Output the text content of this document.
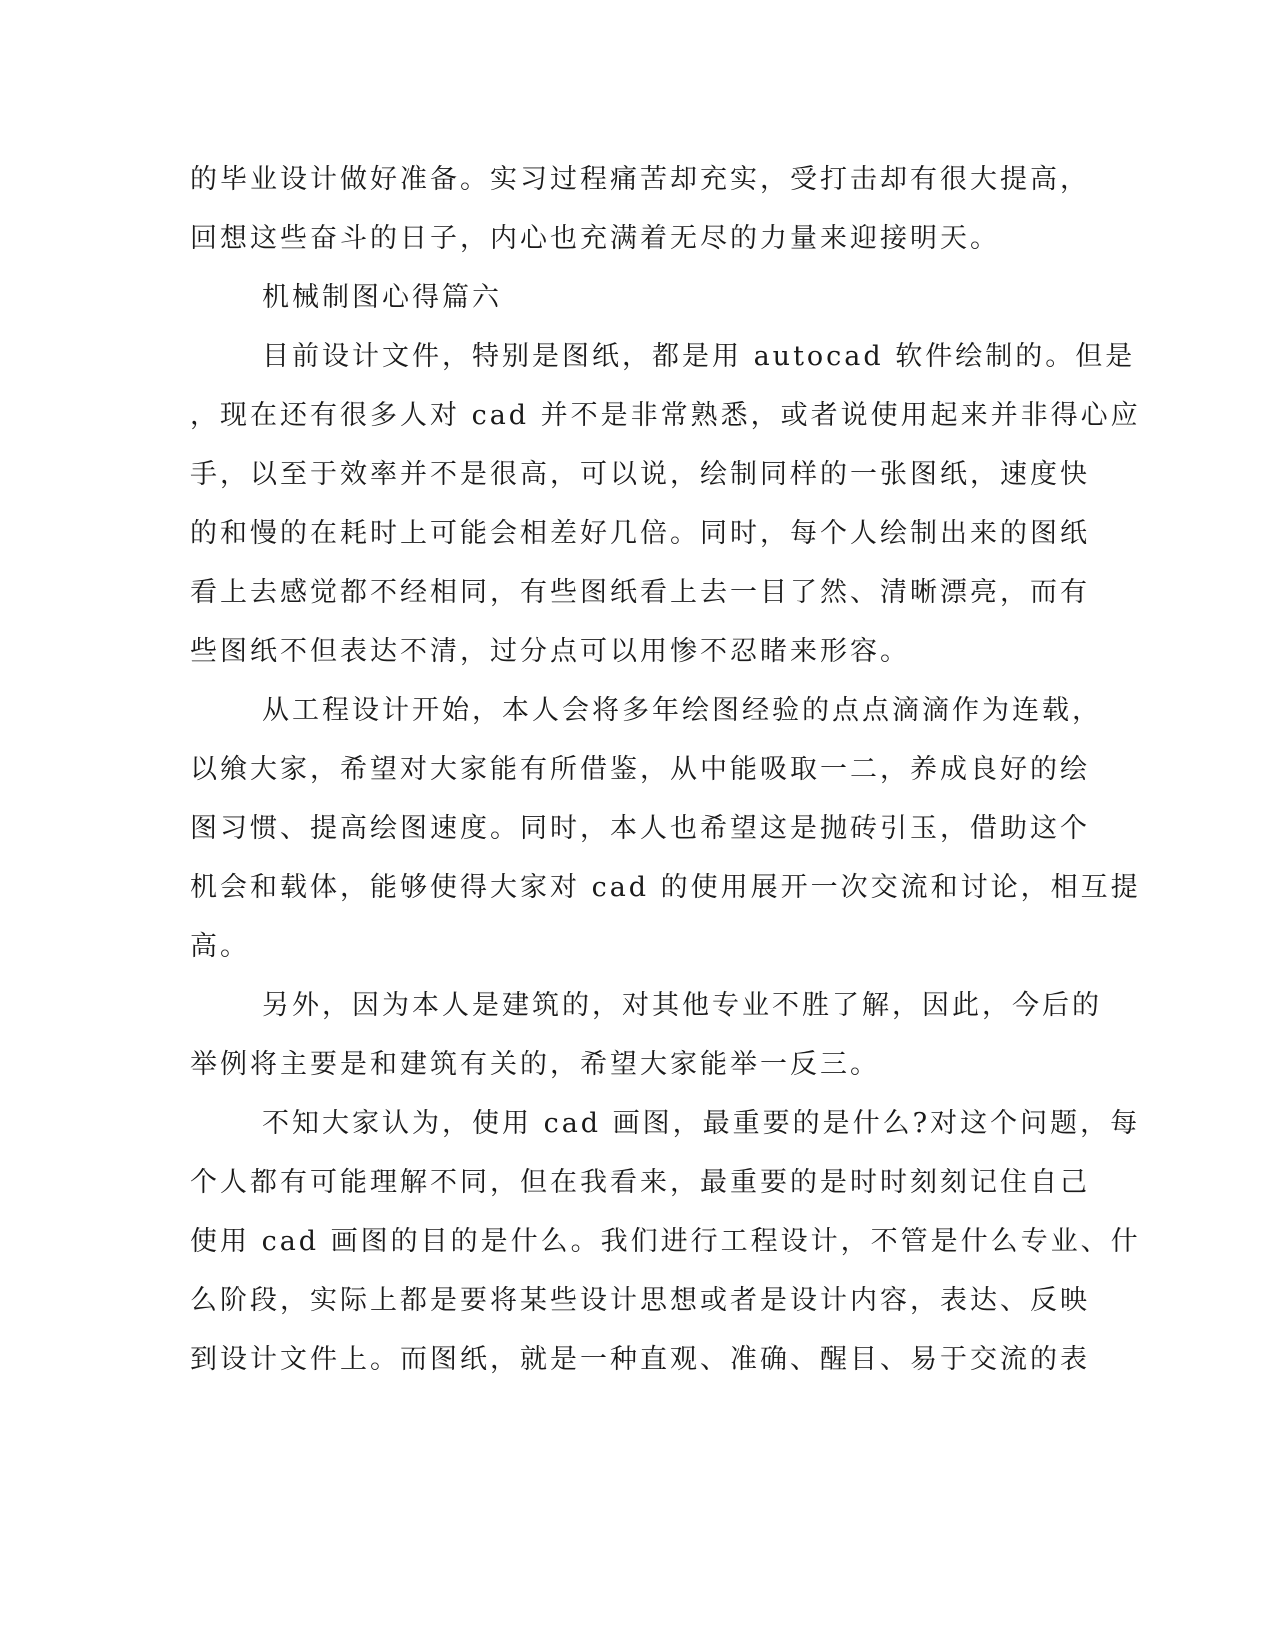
的毕业设计做好准备。实习过程痛苦却充实，受打击却有很大提高，
回想这些奋斗的日子，内心也充满着无尽的力量来迎接明天。
机械制图心得篇六
目前设计文件，特别是图纸，都是用 autocad 软件绘制的。但是
，现在还有很多人对 cad 并不是非常熟悉，或者说使用起来并非得心应
手，以至于效率并不是很高，可以说，绘制同样的一张图纸，速度快
的和慢的在耗时上可能会相差好几倍。同时，每个人绘制出来的图纸
看上去感觉都不经相同，有些图纸看上去一目了然、清晰漂亮，而有
些图纸不但表达不清，过分点可以用惨不忍睹来形容。
从工程设计开始，本人会将多年绘图经验的点点滴滴作为连载，
以飨大家，希望对大家能有所借鉴，从中能吸取一二，养成良好的绘
图习惯、提高绘图速度。同时，本人也希望这是抛砖引玉，借助这个
机会和载体，能够使得大家对 cad 的使用展开一次交流和讨论，相互提
高。
另外，因为本人是建筑的，对其他专业不胜了解，因此，今后的
举例将主要是和建筑有关的，希望大家能举一反三。
不知大家认为，使用 cad 画图，最重要的是什么?对这个问题，每
个人都有可能理解不同，但在我看来，最重要的是时时刻刻记住自己
使用 cad 画图的目的是什么。我们进行工程设计，不管是什么专业、什
么阶段，实际上都是要将某些设计思想或者是设计内容，表达、反映
到设计文件上。而图纸，就是一种直观、准确、醒目、易于交流的表
